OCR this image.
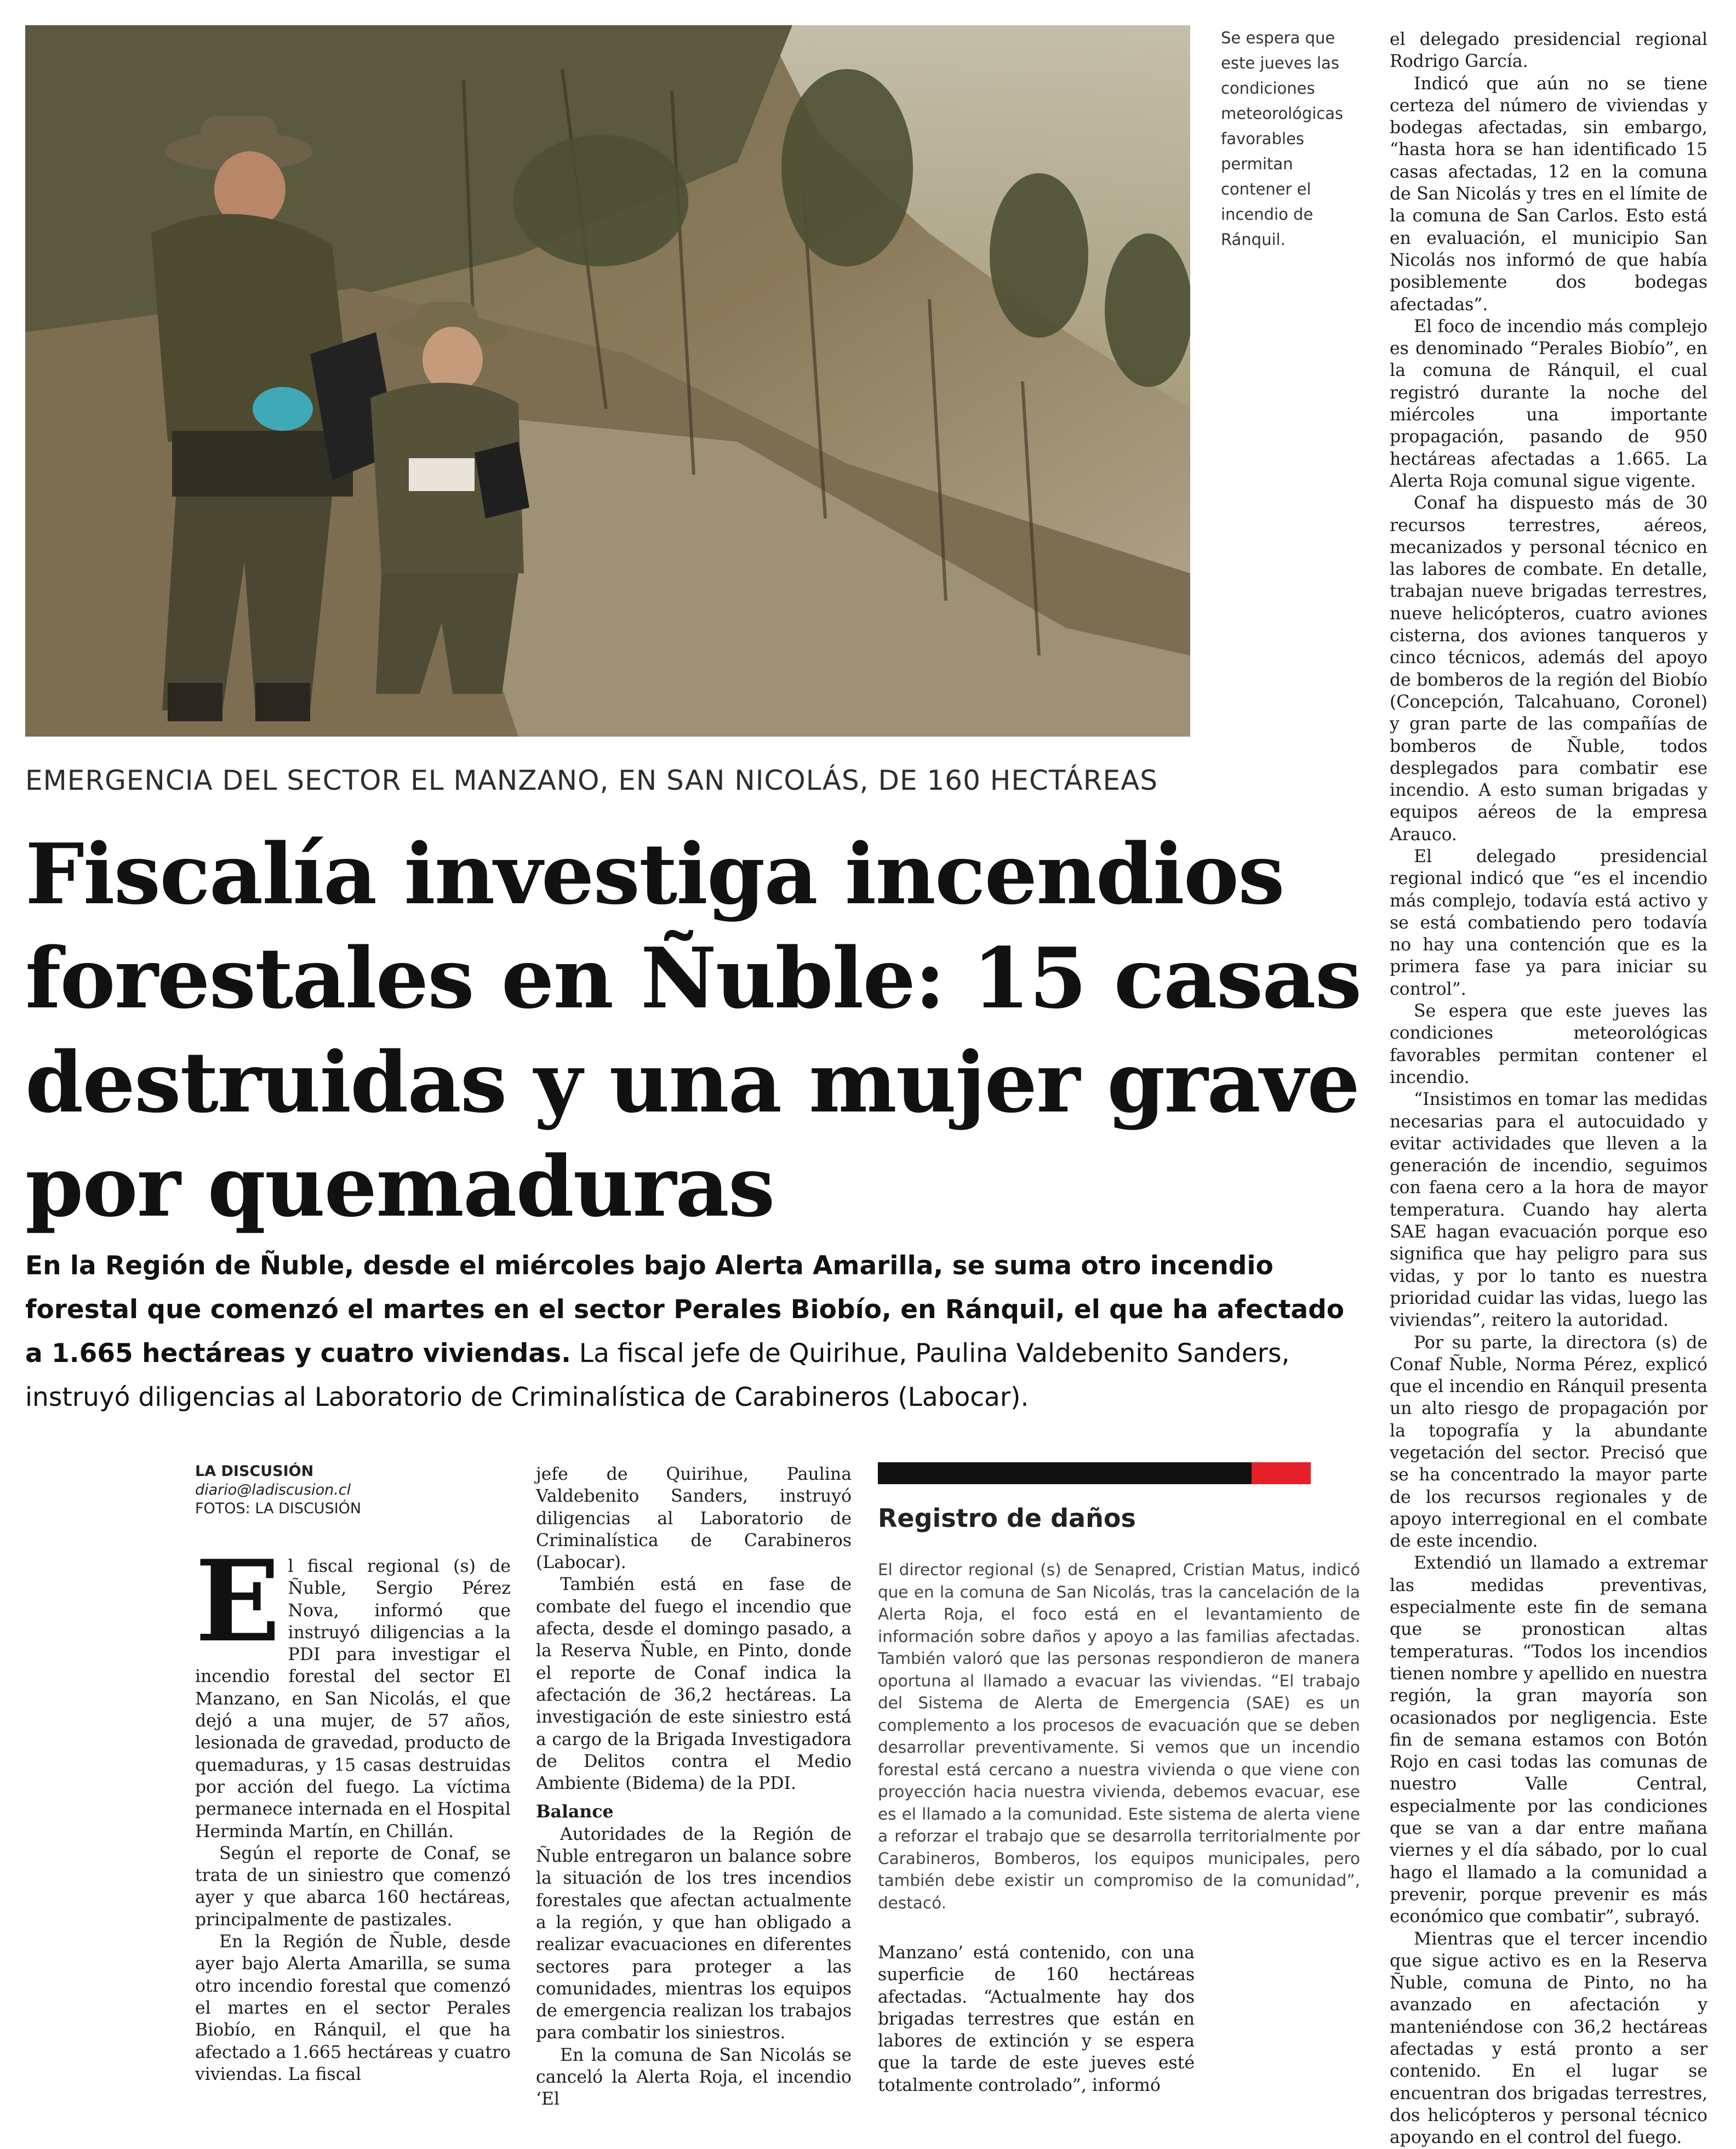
Se espera que este jueves las condiciones meteorológicas favorables permitan contener el incendio de Ránquil.
EMERGENCIA DEL SECTOR EL MANZANO, EN SAN NICOLÁS, DE 160 HECTÁREAS
Fiscalía investiga incendios forestales en Ñuble: 15 casas destruidas y una mujer grave por quemaduras
En la Región de Ñuble, desde el miércoles bajo Alerta Amarilla, se suma otro incendio forestal que comenzó el martes en el sector Perales Biobío, en Ránquil, el que ha afectado a 1.665 hectáreas y cuatro viviendas. La fiscal jefe de Quirihue, Paulina Valdebenito Sanders, instruyó diligencias al Laboratorio de Criminalística de Carabineros (Labocar).
LA DISCUSIÓN
diario@ladiscusion.cl
FOTOS: LA DISCUSIÓN
E l fiscal regional (s) de Ñuble, Sergio Pérez Nova, informó que instruyó diligencias a la PDI para investigar el incendio forestal del sector El Manzano, en San Nicolás, el que dejó a una mujer, de 57 años, lesionada de gravedad, producto de quemaduras, y 15 casas destruidas por acción del fuego. La víctima permanece internada en el Hospital Herminda Martín, en Chillán.

Según el reporte de Conaf, se trata de un siniestro que comenzó ayer y que abarca 160 hectáreas, principalmente de pastizales.

En la Región de Ñuble, desde ayer bajo Alerta Amarilla, se suma otro incendio forestal que comenzó el martes en el sector Perales Biobío, en Ránquil, el que ha afectado a 1.665 hectáreas y cuatro viviendas. La fiscal

jefe de Quirihue, Paulina Valdebenito Sanders, instruyó diligencias al Laboratorio de Criminalística de Carabineros (Labocar).

También está en fase de combate del fuego el incendio que afecta, desde el domingo pasado, a la Reserva Ñuble, en Pinto, donde el reporte de Conaf indica la afectación de 36,2 hectáreas. La investigación de este siniestro está a cargo de la Brigada Investigadora de Delitos contra el Medio Ambiente (Bidema) de la PDI.

Balance

Autoridades de la Región de Ñuble entregaron un balance sobre la situación de los tres incendios forestales que afectan actualmente a la región, y que han obligado a realizar evacuaciones en diferentes sectores para proteger a las comunidades, mientras los equipos de emergencia realizan los trabajos para combatir los siniestros.

En la comuna de San Nicolás se canceló la Alerta Roja, el incendio ‘El

Registro de daños
El director regional (s) de Senapred, Cristian Matus, indicó que en la comuna de San Nicolás, tras la cancelación de la Alerta Roja, el foco está en el levantamiento de información sobre daños y apoyo a las familias afectadas. También valoró que las personas respondieron de manera oportuna al llamado a evacuar las viviendas. “El trabajo del Sistema de Alerta de Emergencia (SAE) es un complemento a los procesos de evacuación que se deben desarrollar preventivamente. Si vemos que un incendio forestal está cercano a nuestra vivienda o que viene con proyección hacia nuestra vivienda, debemos evacuar, ese es el llamado a la comunidad. Este sistema de alerta viene a reforzar el trabajo que se desarrolla territorialmente por Carabineros, Bomberos, los equipos municipales, pero también debe existir un compromiso de la comunidad”, destacó.

Manzano’ está contenido, con una superficie de 160 hectáreas afectadas. “Actualmente hay dos brigadas terrestres que están en labores de extinción y se espera que la tarde de este jueves esté totalmente controlado”, informó

el delegado presidencial regional Rodrigo García.

Indicó que aún no se tiene certeza del número de viviendas y bodegas afectadas, sin embargo, “hasta hora se han identificado 15 casas afectadas, 12 en la comuna de San Nicolás y tres en el límite de la comuna de San Carlos. Esto está en evaluación, el municipio San Nicolás nos informó de que había posiblemente dos bodegas afectadas”.

El foco de incendio más complejo es denominado “Perales Biobío”, en la comuna de Ránquil, el cual registró durante la noche del miércoles una importante propagación, pasando de 950 hectáreas afectadas a 1.665. La Alerta Roja comunal sigue vigente.

Conaf ha dispuesto más de 30 recursos terrestres, aéreos, mecanizados y personal técnico en las labores de combate. En detalle, trabajan nueve brigadas terrestres, nueve helicópteros, cuatro aviones cisterna, dos aviones tanqueros y cinco técnicos, además del apoyo de bomberos de la región del Biobío (Concepción, Talcahuano, Coronel) y gran parte de las compañías de bomberos de Ñuble, todos desplegados para combatir ese incendio. A esto suman brigadas y equipos aéreos de la empresa Arauco.

El delegado presidencial regional indicó que “es el incendio más complejo, todavía está activo y se está combatiendo pero todavía no hay una contención que es la primera fase ya para iniciar su control”.

Se espera que este jueves las condiciones meteorológicas favorables permitan contener el incendio.

“Insistimos en tomar las medidas necesarias para el autocuidado y evitar actividades que lleven a la generación de incendio, seguimos con faena cero a la hora de mayor temperatura. Cuando hay alerta SAE hagan evacuación porque eso significa que hay peligro para sus vidas, y por lo tanto es nuestra prioridad cuidar las vidas, luego las viviendas”, reitero la autoridad.

Por su parte, la directora (s) de Conaf Ñuble, Norma Pérez, explicó que el incendio en Ránquil presenta un alto riesgo de propagación por la topografía y la abundante vegetación del sector. Precisó que se ha concentrado la mayor parte de los recursos regionales y de apoyo interregional en el combate de este incendio.

Extendió un llamado a extremar las medidas preventivas, especialmente este fin de semana que se pronostican altas temperaturas. “Todos los incendios tienen nombre y apellido en nuestra región, la gran mayoría son ocasionados por negligencia. Este fin de semana estamos con Botón Rojo en casi todas las comunas de nuestro Valle Central, especialmente por las condiciones que se van a dar entre mañana viernes y el día sábado, por lo cual hago el llamado a la comunidad a prevenir, porque prevenir es más económico que combatir”, subrayó.

Mientras que el tercer incendio que sigue activo es en la Reserva Ñuble, comuna de Pinto, no ha avanzado en afectación y manteniéndose con 36,2 hectáreas afectadas y está pronto a ser contenido. En el lugar se encuentran dos brigadas terrestres, dos helicópteros y personal técnico apoyando en el control del fuego.
